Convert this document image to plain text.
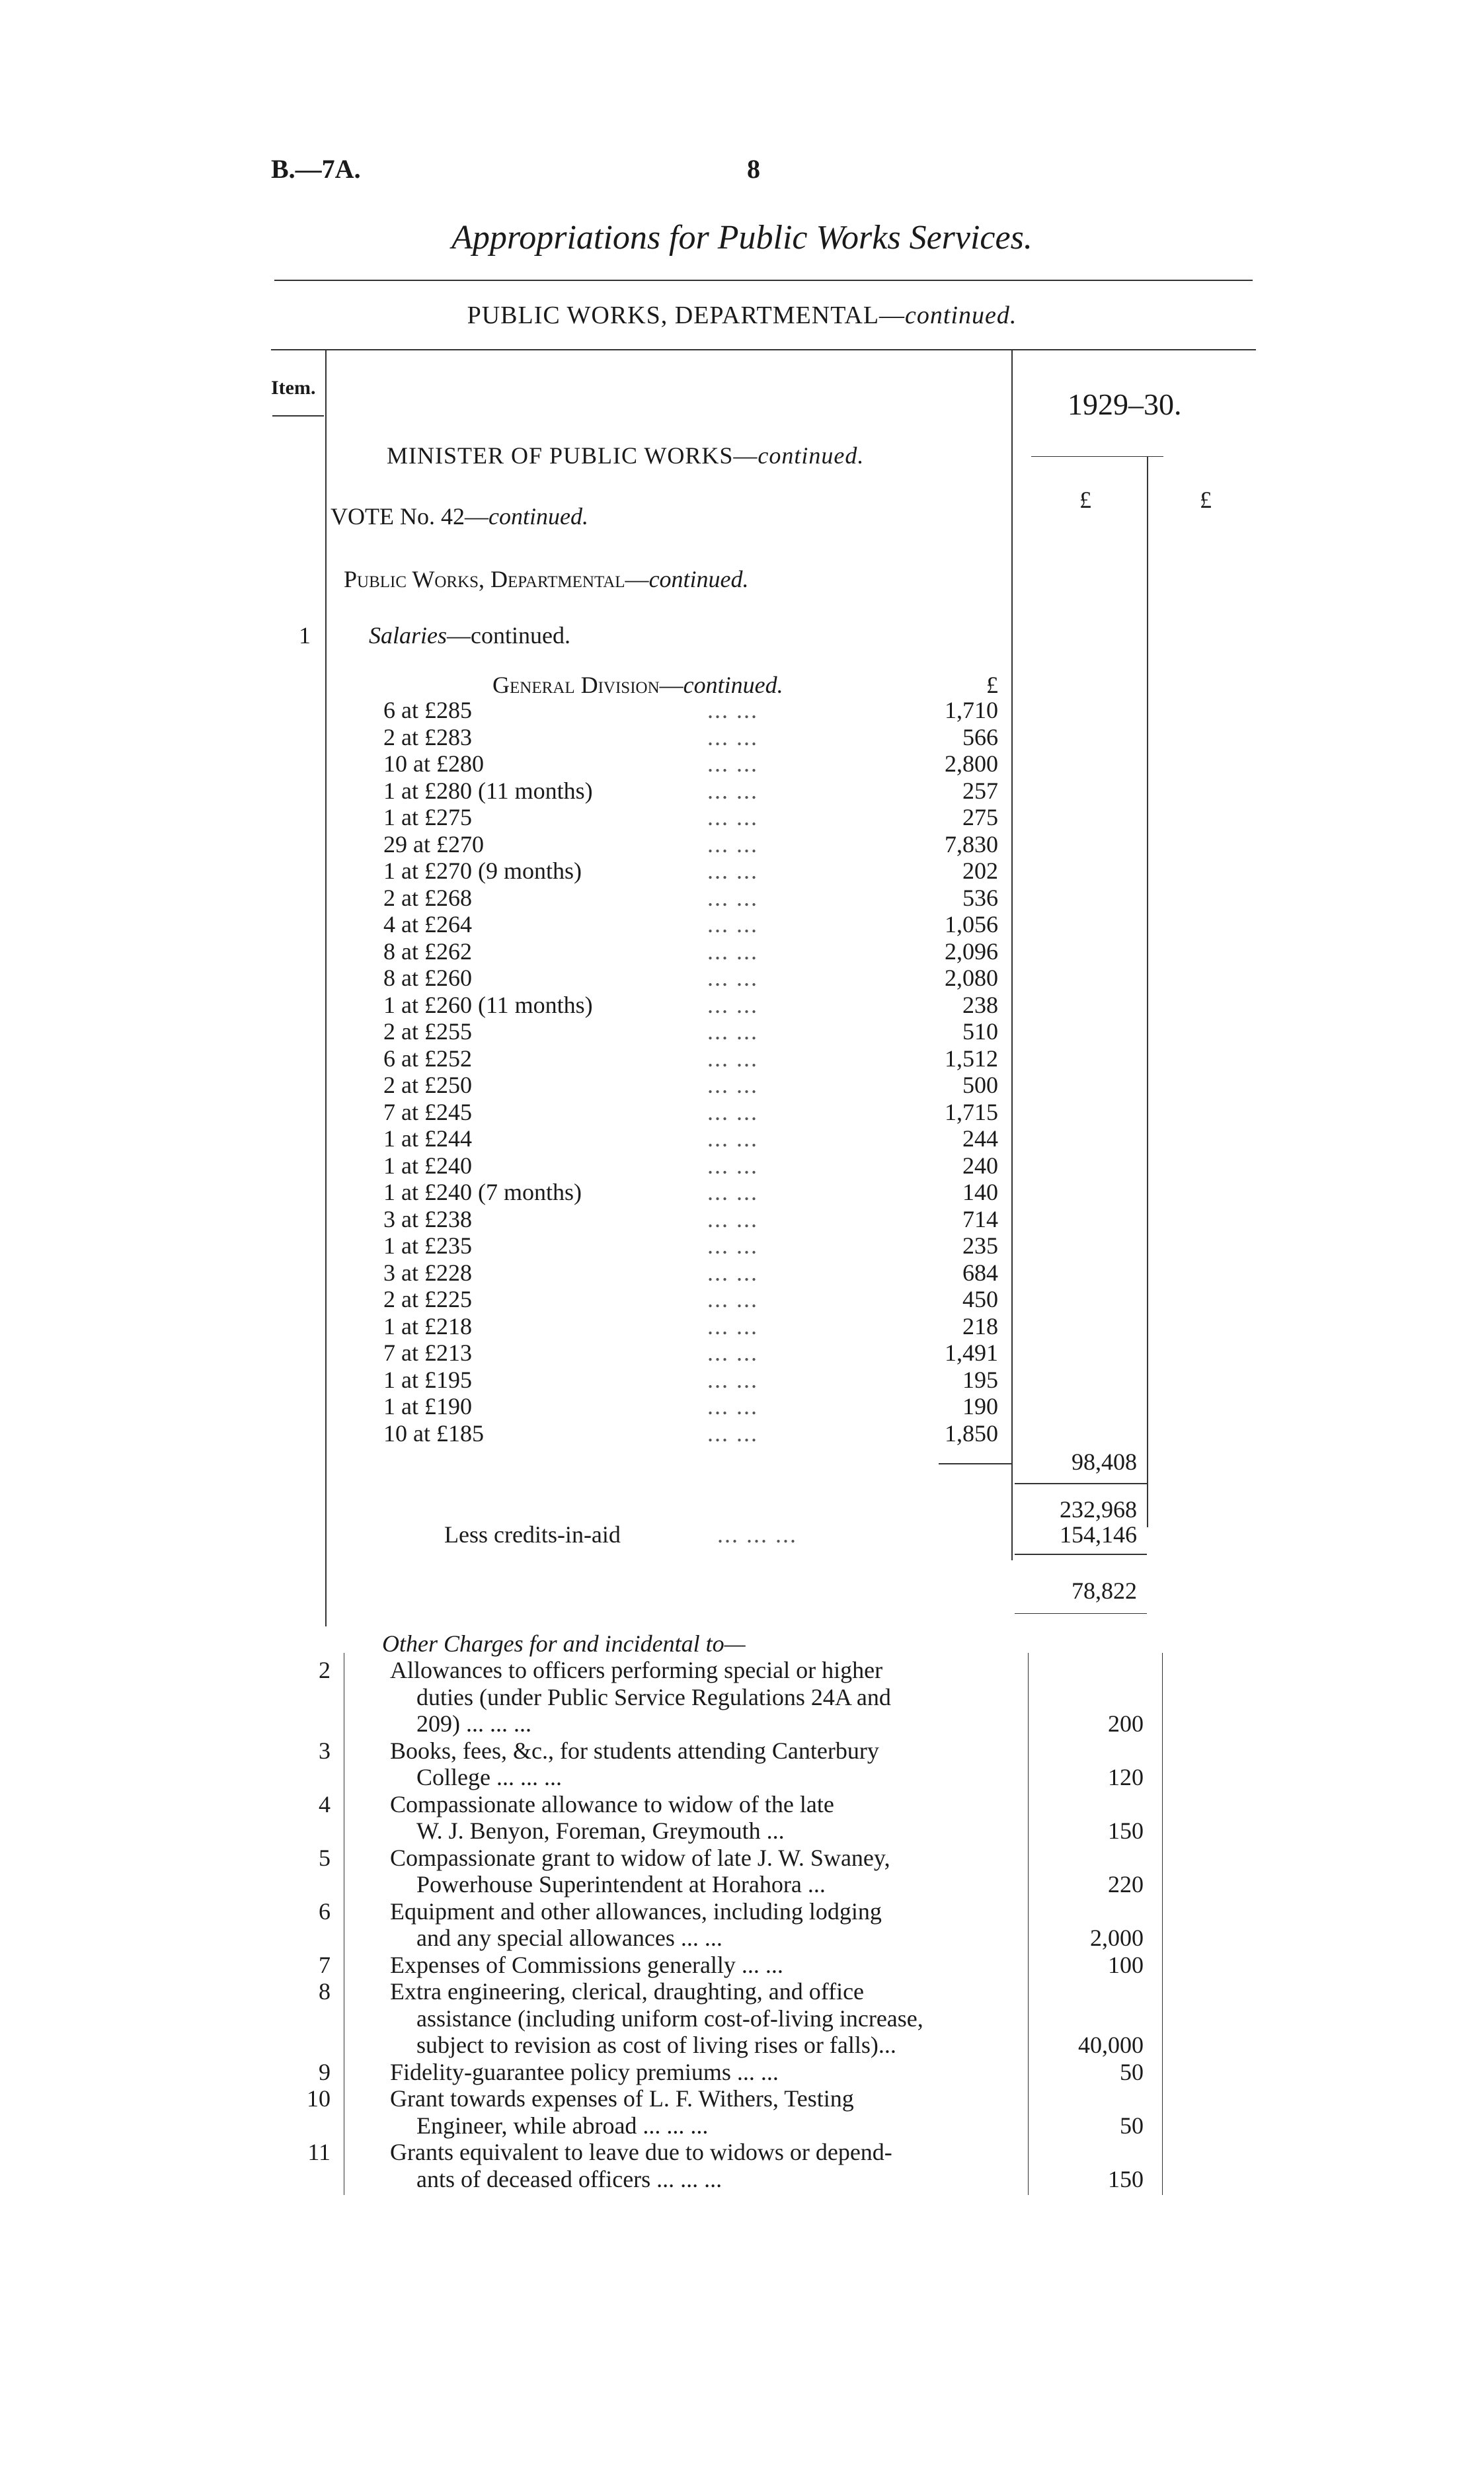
B.—7A.	8
Appropriations for Public Works Services.
PUBLIC WORKS, DEPARTMENTAL—continued.
Item.	1929–30.
£	£
MINISTER OF PUBLIC WORKS—continued.
VOTE No. 42—continued.
Public Works, Departmental—continued.
1 Salaries—continued.
General Division—continued.	£
6 at £285	... ...	1,710
2 at £283	... ...	566
10 at £280	... ...	2,800
1 at £280 (11 months)	... ...	257
1 at £275	... ...	275
29 at £270	... ...	7,830
1 at £270 (9 months)	... ...	202
2 at £268	... ...	536
4 at £264	... ...	1,056
8 at £262	... ...	2,096
8 at £260	... ...	2,080
1 at £260 (11 months)	... ...	238
2 at £255	... ...	510
6 at £252	... ...	1,512
2 at £250	... ...	500
7 at £245	... ...	1,715
1 at £244	... ...	244
1 at £240	... ...	240
1 at £240 (7 months)	... ...	140
3 at £238	... ...	714
1 at £235	... ...	235
3 at £228	... ...	684
2 at £225	... ...	450
1 at £218	... ...	218
7 at £213	... ...	1,491
1 at £195	... ...	195
1 at £190	... ...	190
10 at £185	... ...	1,850
98,408
232,968
Less credits-in-aid	... ... ...	154,146
78,822
Other Charges for and incidental to—
2	Allowances to officers performing special or higher
duties (under Public Service Regulations 24A and
209) ... ... ...	200
3	Books, fees, &c., for students attending Canterbury
College ... ... ...	120
4	Compassionate allowance to widow of the late
W. J. Benyon, Foreman, Greymouth ...	150
5	Compassionate grant to widow of late J. W. Swaney,
Powerhouse Superintendent at Horahora ...	220
6	Equipment and other allowances, including lodging
and any special allowances ... ...	2,000
7	Expenses of Commissions generally ... ...	100
8	Extra engineering, clerical, draughting, and office
assistance (including uniform cost-of-living increase,
subject to revision as cost of living rises or falls)...	40,000
9	Fidelity-guarantee policy premiums ... ...	50
10	Grant towards expenses of L. F. Withers, Testing
Engineer, while abroad ... ... ...	50
11	Grants equivalent to leave due to widows or depend-
ants of deceased officers ... ... ...	150
